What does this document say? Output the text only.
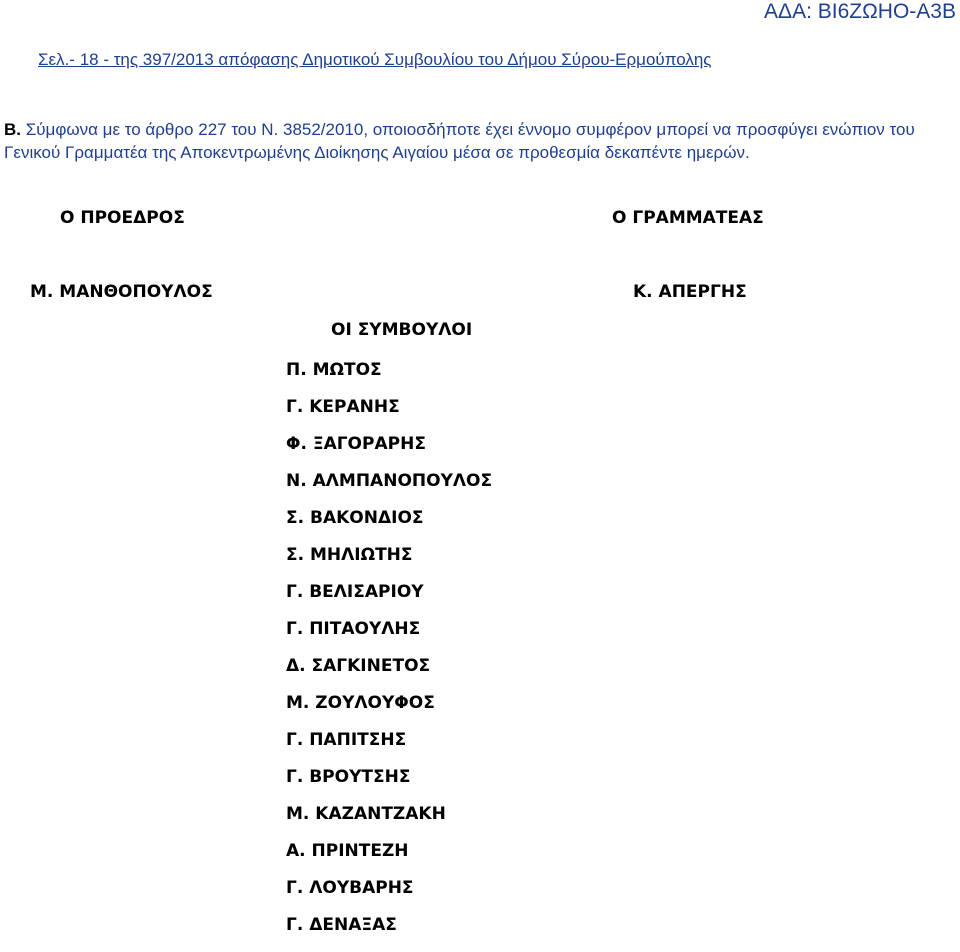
ΑΔΑ: ΒΙ6ΖΩΗΟ-Α3Β
Σελ.- 18 - της 397/2013 απόφασης Δημοτικού Συμβουλίου του Δήμου Σύρου-Ερμούπολης
Β. Σύμφωνα με το άρθρο 227 του Ν. 3852/2010, οποιοσδήποτε έχει έννομο συμφέρον μπορεί να προσφύγει ενώπιον του Γενικού Γραμματέα της Αποκεντρωμένης Διοίκησης Αιγαίου μέσα σε προθεσμία δεκαπέντε ημερών.
Ο ΠΡΟΕΔΡΟΣ	Ο ΓΡΑΜΜΑΤΕΑΣ
Μ. ΜΑΝΘΟΠΟΥΛΟΣ	Κ. ΑΠΕΡΓΗΣ
ΟΙ ΣΥΜΒΟΥΛΟΙ
Π. ΜΩΤΟΣ
Γ. ΚΕΡΑΝΗΣ
Φ. ΞΑΓΟΡΑΡΗΣ
Ν. ΑΛΜΠΑΝΟΠΟΥΛΟΣ
Σ. ΒΑΚΟΝΔΙΟΣ
Σ. ΜΗΛΙΩΤΗΣ
Γ. ΒΕΛΙΣΑΡΙΟΥ
Γ. ΠΙΤΑΟΥΛΗΣ
Δ. ΣΑΓΚΙΝΕΤΟΣ
Μ. ΖΟΥΛΟΥΦΟΣ
Γ. ΠΑΠΙΤΣΗΣ
Γ. ΒΡΟΥΤΣΗΣ
Μ. ΚΑΖΑΝΤΖΑΚΗ
Α. ΠΡΙΝΤΕΖΗ
Γ. ΛΟΥΒΑΡΗΣ
Γ. ΔΕΝΑΞΑΣ
